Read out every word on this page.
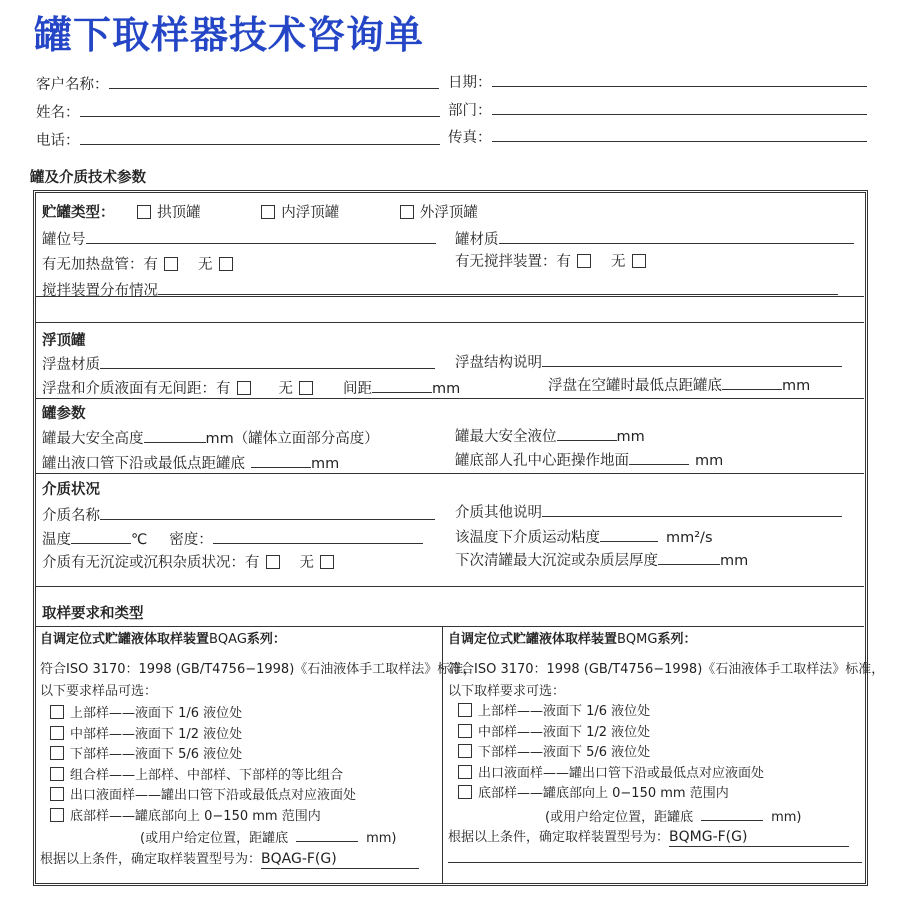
罐下取样器技术咨询单
客户名称：	日期：
姓名：	部门：
电话：	传真：
罐及介质技术参数
贮罐类型：	拱顶罐	内浮顶罐	外浮顶罐
罐位号	罐材质
有无加热盘管：有	无	有无搅拌装置：有	无
搅拌装置分布情况
浮顶罐
浮盘材质	浮盘结构说明
浮盘和介质液面有无间距：有	无	间距	mm	浮盘在空罐时最低点距罐底	mm
罐参数
罐最大安全高度	mm（罐体立面部分高度）	罐最大安全液位	mm
罐出液口管下沿或最低点距罐底	mm	罐底部人孔中心距操作地面	mm
介质状况
介质名称	介质其他说明
温度	℃ 密度：	该温度下介质运动粘度	mm²/s
介质有无沉淀或沉积杂质状况：有	无	下次清罐最大沉淀或杂质层厚度	mm
取样要求和类型
自调定位式贮罐液体取样装置BQAG系列：
符合ISO 3170：1998 (GB/T4756−1998)《石油液体手工取样法》标准，
以下要求样品可选：
上部样——液面下 1/6 液位处
中部样——液面下 1/2 液位处
下部样——液面下 5/6 液位处
组合样——上部样、中部样、下部样的等比组合
出口液面样——罐出口管下沿或最低点对应液面处
底部样——罐底部向上 0−150 mm 范围内
(或用户给定位置，距罐底	mm)
根据以上条件，确定取样装置型号为：BQAG-F(G)
自调定位式贮罐液体取样装置BQMG系列：
符合ISO 3170：1998 (GB/T4756−1998)《石油液体手工取样法》标准，
以下取样要求可选：
上部样——液面下 1/6 液位处
中部样——液面下 1/2 液位处
下部样——液面下 5/6 液位处
出口液面样——罐出口管下沿或最低点对应液面处
底部样——罐底部向上 0−150 mm 范围内
(或用户给定位置，距罐底	mm)
根据以上条件，确定取样装置型号为：BQMG-F(G)
